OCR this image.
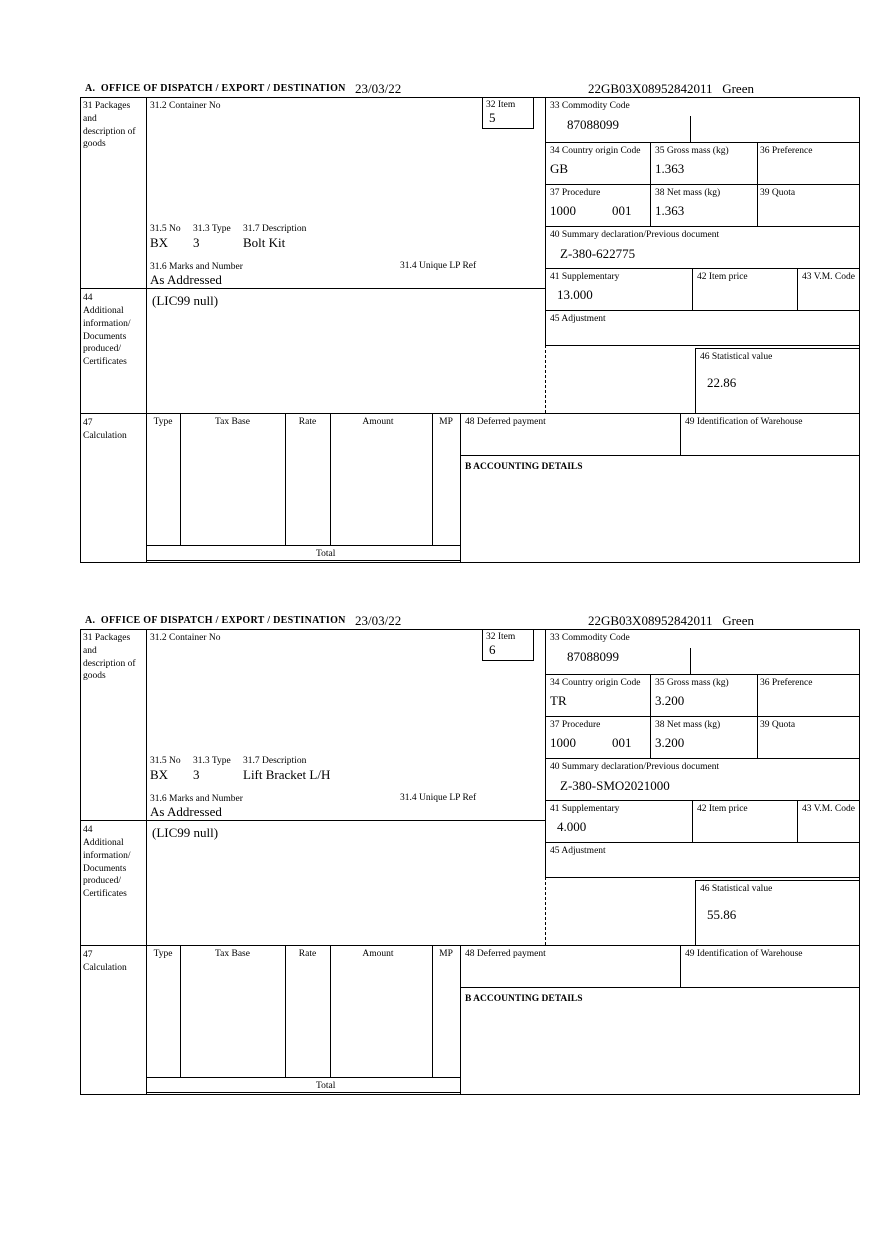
A.  OFFICE OF DISPATCH / EXPORT / DESTINATION 23/03/22	22GB03X08952842011   Green
31 Packages and description of goods
31.2 Container No	32 Item
5
33 Commodity Code
87088099
34 Country origin Code 35 Gross mass (kg)	36 Preference
GB	1.363
37 Procedure	38 Net mass (kg)	39 Quota
1000	001 1.363
40 Summary declaration/Previous document
Z-380-622775
41 Supplementary	42 Item price	43 V.M. Code
13.000
45 Adjustment
46 Statistical value
22.86
31.5 No 31.3 Type 31.7 Description
BX 3	Bolt Kit
31.6 Marks and Number	31.4 Unique LP Ref
As Addressed
44
Additional information/ Documents produced/ Certificates
(LIC99 null)
47 Calculation
Type	Tax Base	Rate	Amount	MP
Total
48 Deferred payment	49 Identification of Warehouse
B ACCOUNTING DETAILS
A.  OFFICE OF DISPATCH / EXPORT / DESTINATION 23/03/22	22GB03X08952842011   Green
31 Packages and description of goods
31.2 Container No	32 Item
6
33 Commodity Code
87088099
34 Country origin Code 35 Gross mass (kg)	36 Preference
TR	3.200
37 Procedure	38 Net mass (kg)	39 Quota
1000	001 3.200
40 Summary declaration/Previous document
Z-380-SMO2021000
41 Supplementary	42 Item price	43 V.M. Code
4.000
45 Adjustment
46 Statistical value
55.86
31.5 No 31.3 Type 31.7 Description
BX 3	Lift Bracket L/H
31.6 Marks and Number	31.4 Unique LP Ref
As Addressed
44
Additional information/ Documents produced/ Certificates
(LIC99 null)
47 Calculation
Type	Tax Base	Rate	Amount	MP
Total
48 Deferred payment	49 Identification of Warehouse
B ACCOUNTING DETAILS
